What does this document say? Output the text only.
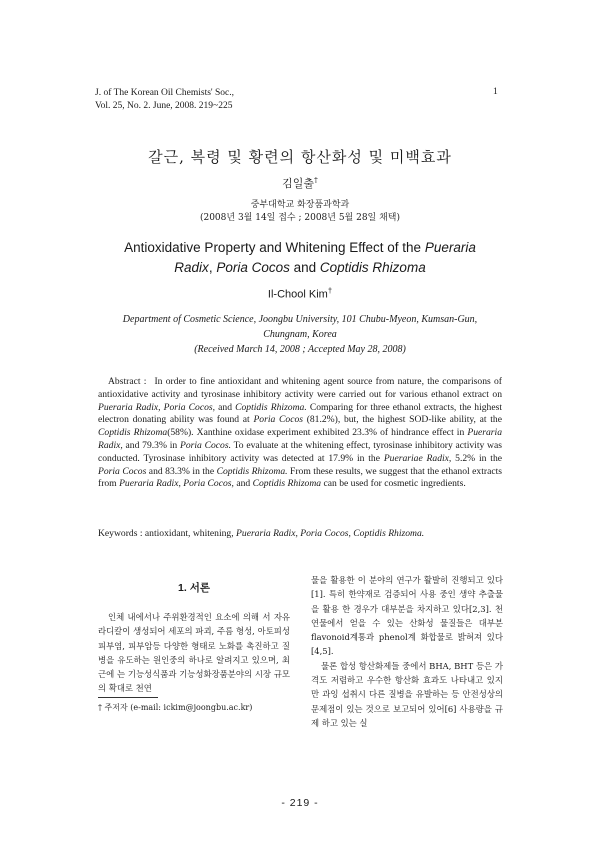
J. of The Korean Oil Chemists' Soc.,
Vol. 25, No. 2. June, 2008. 219~225
1
갈근, 복령 및 황련의 항산화성 및 미백효과
김일출†
중부대학교 화장품과학과
(2008년 3월 14일 접수 ; 2008년 5월 28일 채택)
Antioxidative Property and Whitening Effect of the Pueraria
Radix, Poria Cocos and Coptidis Rhizoma
Il-Chool Kim†
Department of Cosmetic Science, Joongbu University, 101 Chubu-Myeon, Kumsan-Gun,
Chungnam, Korea
(Received March 14, 2008 ; Accepted May 28, 2008)
Abstract : In order to fine antioxidant and whitening agent source from nature, the comparisons of antioxidative activity and tyrosinase inhibitory activity were carried out for various ethanol extract on Pueraria Radix, Poria Cocos, and Coptidis Rhizoma. Comparing for three ethanol extracts, the highest electron donating ability was found at Poria Cocos (81.2%), but, the highest SOD-like ability, at the Coptidis Rhizoma(58%). Xanthine oxidase experiment exhibited 23.3% of hindrance effect in Pueraria Radix, and 79.3% in Poria Cocos. To evaluate at the whitening effect, tyrosinase inhibitory activity was conducted. Tyrosinase inhibitory activity was detected at 17.9% in the Puerariae Radix, 5.2% in the Poria Cocos and 83.3% in the Coptidis Rhizoma. From these results, we suggest that the ethanol extracts from Pueraria Radix, Poria Cocos, and Coptidis Rhizoma can be used for cosmetic ingredients.
Keywords : antioxidant, whitening, Pueraria Radix, Poria Cocos, Coptidis Rhizoma.
1. 서론
인체 내에서나 주위환경적인 요소에 의해 서 자유라디칼이 생성되어 세포의 파괴, 주름 형성, 아토피성 피부염, 피부암등 다양한 형태로 노화를 촉진하고 질병을 유도하는 원인중의 하나로 알려지고 있으며, 최근에 는 기능성식품과 기능성화장품분야의 시장 규모의 확대로 천연

물을 활용한 이 분야의 연구가 활발히 진행되고 있다[1]. 특히 한약재로 검증되어 사용 중인 생약 추출물을 활용 한 경우가 대부분을 차지하고 있다[2,3]. 천연물에서 얻을 수 있는 산화성 물질들은 대부분 flavonoid계통과 phenol계 화합물로 밝혀져 있다[4,5].

물론 합성 항산화제들 중에서 BHA, BHT 등은 가격도 저렴하고 우수한 항산화 효과도 나타내고 있지만 과잉 섭취시 다른 질병을 유발하는 등 안전성상의 문제점이 있는 것으로 보고되어 있어[6] 사용량을 규제 하고 있는 실

† 주저자 (e-mail: ickim@joongbu.ac.kr)
- 219 -
